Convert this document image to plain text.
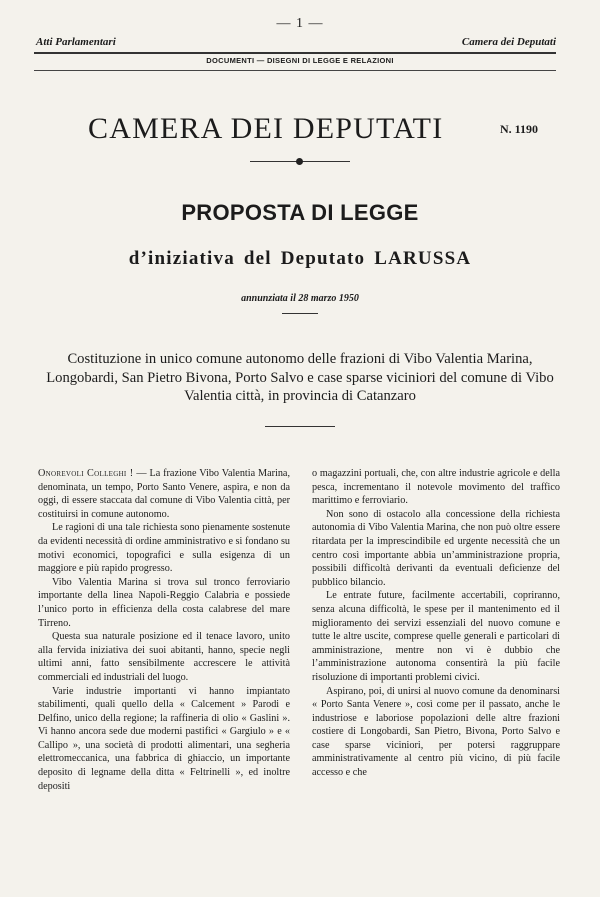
— 1 —
Atti Parlamentari	Camera dei Deputati
DOCUMENTI — DISEGNI DI LEGGE E RELAZIONI
CAMERA DEI DEPUTATI	N. 1190
PROPOSTA DI LEGGE
d’iniziativa del Deputato LARUSSA
annunziata il 28 marzo 1950
Costituzione in unico comune autonomo delle frazioni di Vibo Valentia Marina, Longobardi, San Pietro Bivona, Porto Salvo e case sparse viciniori del comune di Vibo Valentia città, in provincia di Catanzaro

Onorevoli Colleghi ! — La frazione Vibo Valentia Marina, denominata, un tempo, Porto Santo Venere, aspira, e non da oggi, di essere staccata dal comune di Vibo Valentia città, per costituirsi in comune autonomo.

Le ragioni di una tale richiesta sono pienamente sostenute da evidenti necessità di ordine amministrativo e si fondano su motivi economici, topografici e sulla esigenza di un maggiore e più rapido progresso.

Vibo Valentia Marina si trova sul tronco ferroviario importante della linea Napoli-Reggio Calabria e possiede l’unico porto in efficienza della costa calabrese del mare Tirreno.

Questa sua naturale posizione ed il tenace lavoro, unito alla fervida iniziativa dei suoi abitanti, hanno, specie negli ultimi anni, fatto sensibilmente accrescere le attività commerciali ed industriali del luogo.

Varie industrie importanti vi hanno impiantato stabilimenti, quali quello della « Calcement » Parodi e Delfino, unico della regione; la raffineria di olio « Gaslini ». Vi hanno ancora sede due moderni pastifici « Gargiulo » e « Callipo », una società di prodotti alimentari, una segheria elettromeccanica, una fabbrica di ghiaccio, un importante deposito di legname della ditta « Feltrinelli », ed inoltre depositi

o magazzini portuali, che, con altre industrie agricole e della pesca, incrementano il notevole movimento del traffico marittimo e ferroviario.

Non sono di ostacolo alla concessione della richiesta autonomia di Vibo Valentia Marina, che non può oltre essere ritardata per la imprescindibile ed urgente necessità che un centro così importante abbia un’amministrazione propria, possibili difficoltà derivanti da eventuali deficienze del pubblico bilancio.

Le entrate future, facilmente accertabili, copriranno, senza alcuna difficoltà, le spese per il mantenimento ed il miglioramento dei servizi essenziali del nuovo comune e tutte le altre uscite, comprese quelle generali e particolari di amministrazione, mentre non vi è dubbio che l’amministrazione autonoma consentirà la più facile risoluzione di importanti problemi civici.

Aspirano, poi, di unirsi al nuovo comune da denominarsi « Porto Santa Venere », così come per il passato, anche le industriose e laboriose popolazioni delle altre frazioni costiere di Longobardi, San Pietro, Bivona, Porto Salvo e case sparse viciniori, per potersi raggruppare amministrativamente al centro più vicino, di più facile accesso e che
